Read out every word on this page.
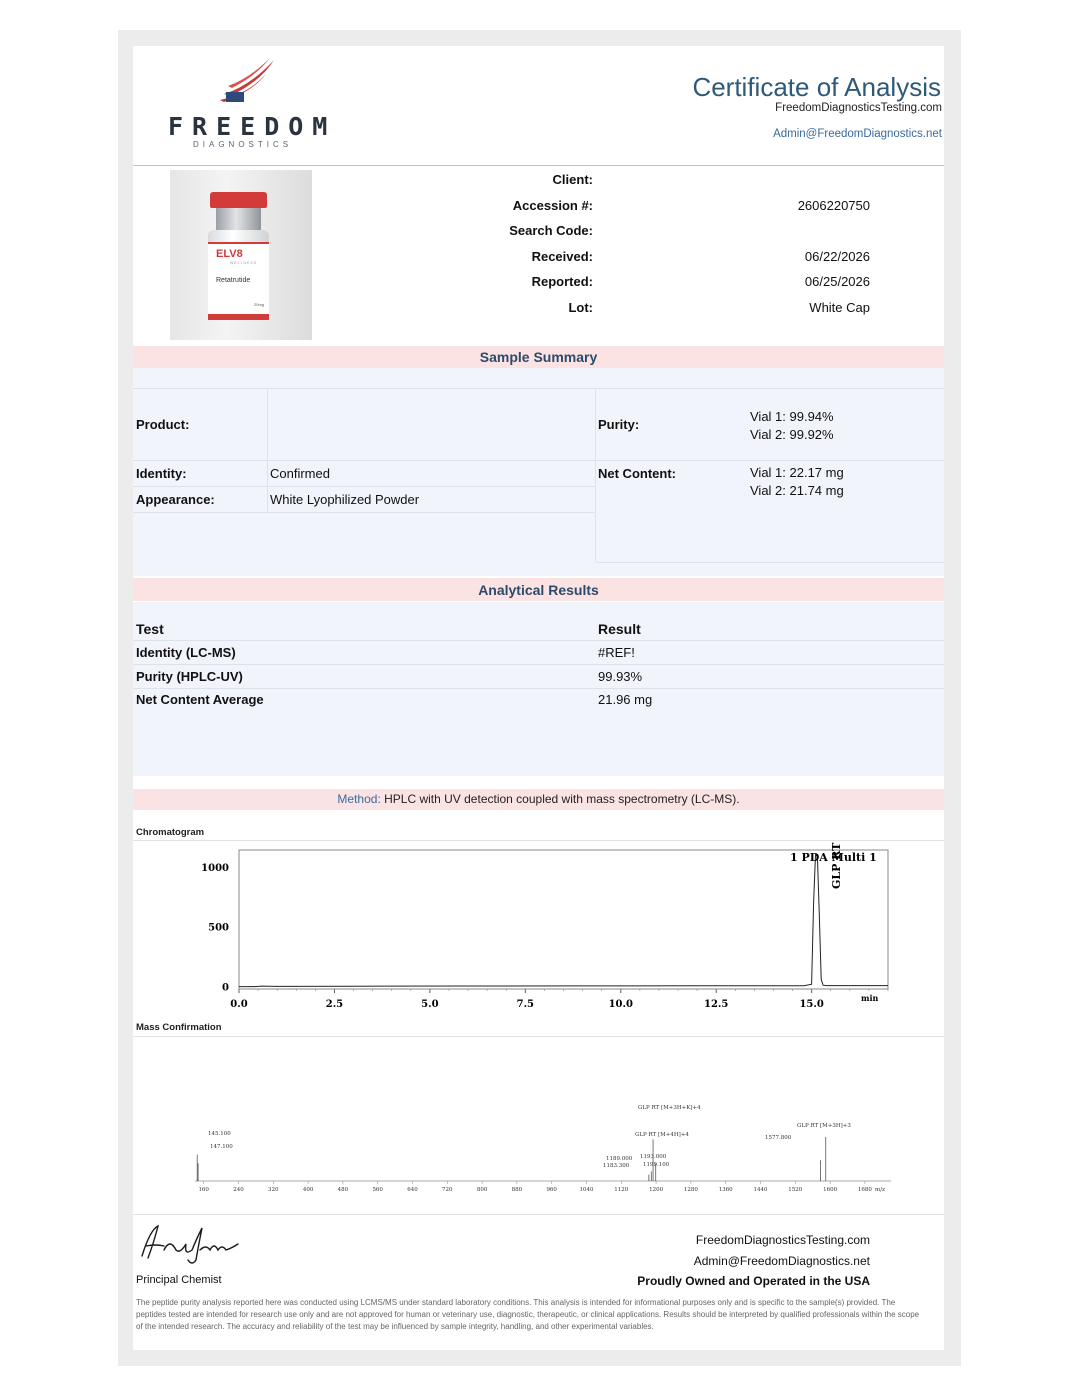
FREEDOM
DIAGNOSTICS
Certificate of Analysis
FreedomDiagnosticsTesting.com
Admin@FreedomDiagnostics.net
ELV8
WELLNESS
Retatrutide
20mg
Client:
Accession #:	2606220750
Search Code:
Received:	06/22/2026
Reported:	06/25/2026
Lot:	White Cap
Sample Summary
Product:
Identity:	Confirmed
Appearance:	White Lyophilized Powder
Purity:
Vial 1: 99.94%
Vial 2: 99.92%
Net Content:	Vial 1: 22.17 mg
Vial 2: 21.74 mg
Analytical Results
Test	Result
Identity (LC-MS)	#REF!
Purity (HPLC-UV)	99.93%
Net Content Average	21.96 mg
Method: HPLC with UV detection coupled with mass spectrometry (LC-MS).
Chromatogram
0
500
1000
0.0	2.5	5.0	7.5	10.0	12.5	15.0
1 PDA Multi 1
GLP RT
min
Mass Confirmation
160	240	320	400	480	560	640	720	800	880	960	1040	1120	1200	1280	1360	1440	1520	1600	1680
145.100
147.100
1183.300
1189.000 1193.000
1199.100
1577.800
GLP RT [M+3H+K]+4
GLP RT [M+4H]+4
GLP RT [M+3H]+3
m/z
Alex Johnson
Principal Chemist
FreedomDiagnosticsTesting.com
Admin@FreedomDiagnostics.net
Proudly Owned and Operated in the USA
The peptide purity analysis reported here was conducted using LCMS/MS under standard laboratory conditions. This analysis is intended for informational purposes only and is specific to the sample(s) provided. The peptides tested are intended for research use only and are not approved for human or veterinary use, diagnostic, therapeutic, or clinical applications. Results should be interpreted by qualified professionals within the scope of the intended research. The accuracy and reliability of the test may be influenced by sample integrity, handling, and other experimental variables.
